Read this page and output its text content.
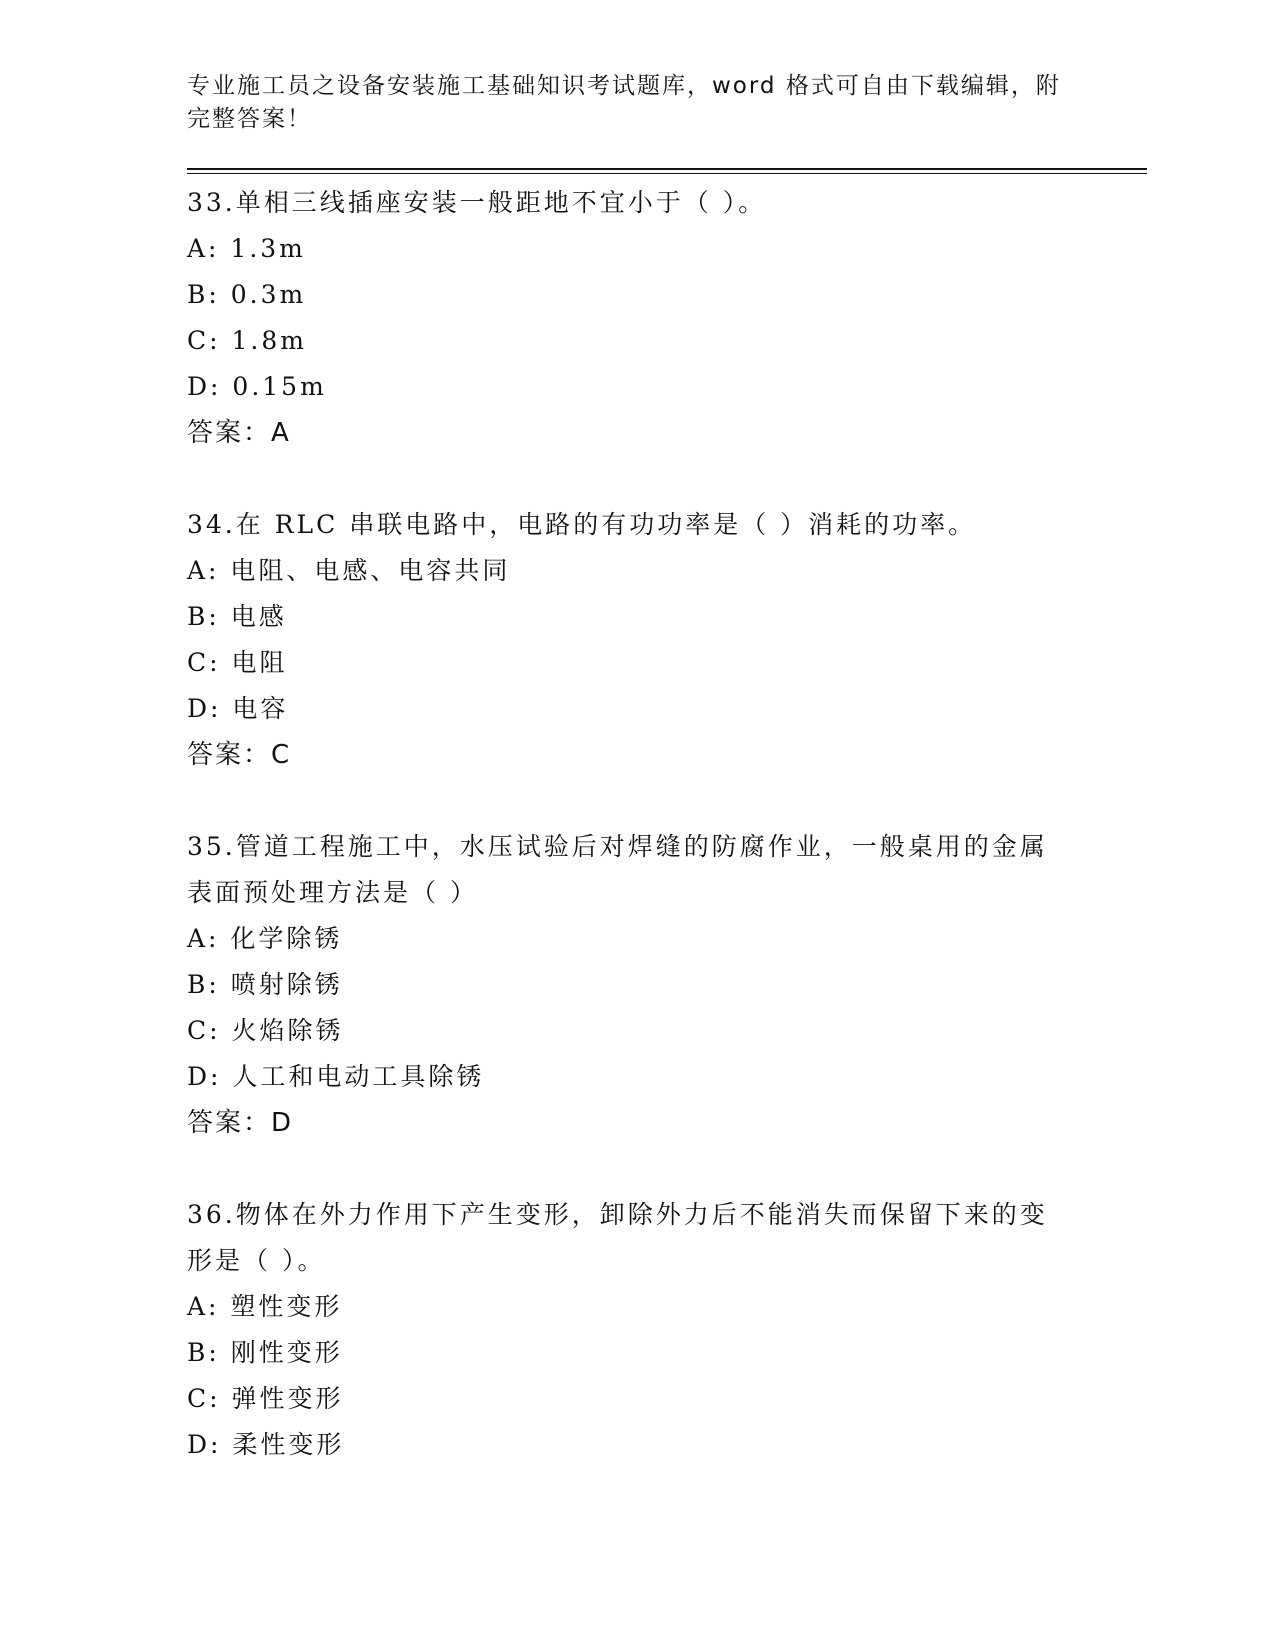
专业施工员之设备安装施工基础知识考试题库，word 格式可自由下载编辑，附完整答案！
33.单相三线插座安装一般距地不宜小于（ ）。
A: 1.3m
B: 0.3m
C: 1.8m
D: 0.15m
答案：A
34.在 RLC 串联电路中，电路的有功功率是（ ）消耗的功率。
A: 电阻、电感、电容共同
B: 电感
C: 电阻
D: 电容
答案：C
35.管道工程施工中，水压试验后对焊缝的防腐作业，一般桌用的金属表面预处理方法是（ ）
A: 化学除锈
B: 喷射除锈
C: 火焰除锈
D: 人工和电动工具除锈
答案：D
36.物体在外力作用下产生变形，卸除外力后不能消失而保留下来的变形是（ ）。
A: 塑性变形
B: 刚性变形
C: 弹性变形
D: 柔性变形
